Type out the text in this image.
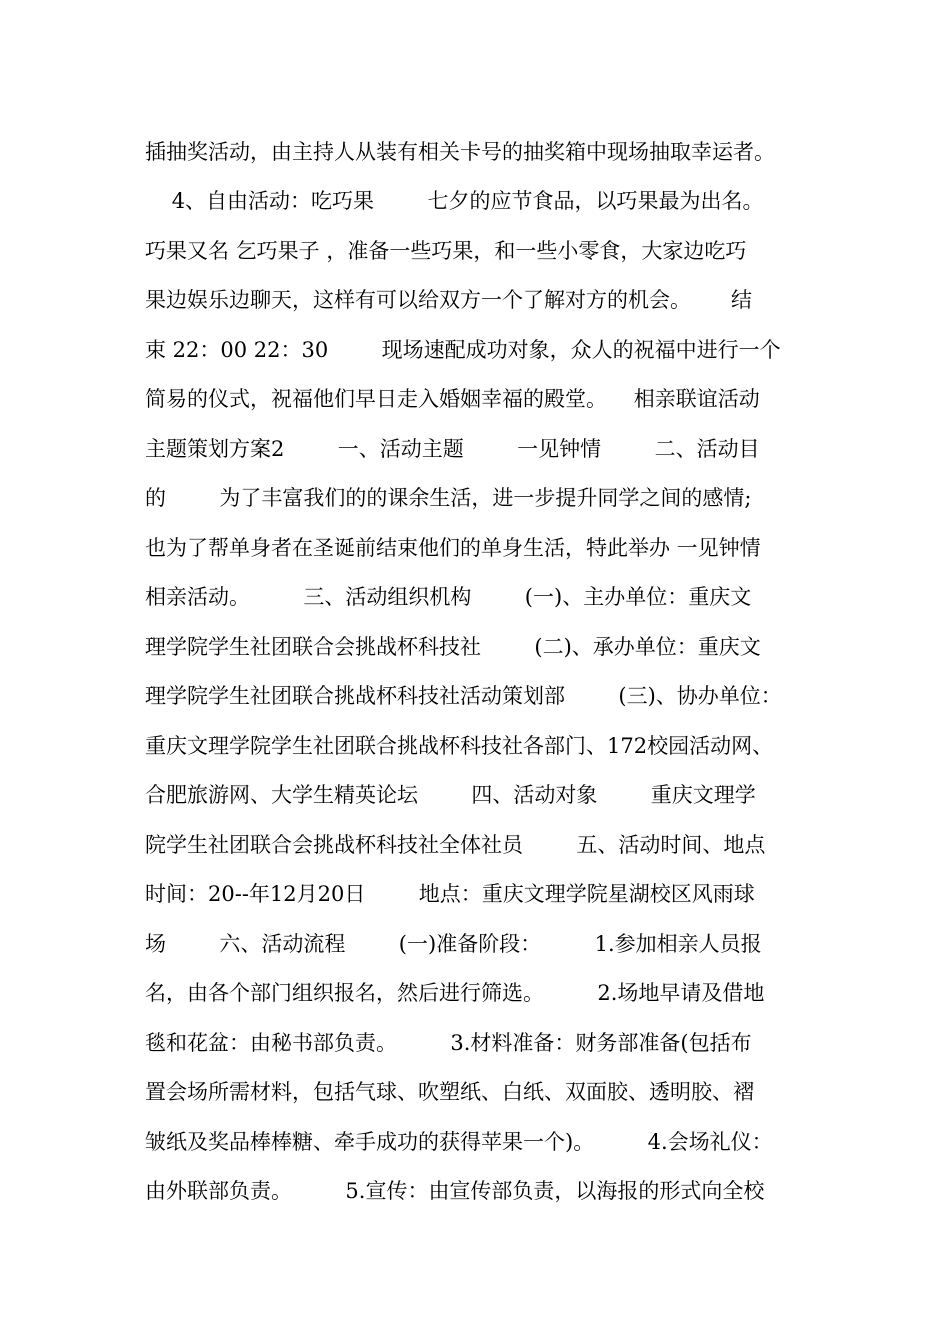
插抽奖活动，由主持人从装有相关卡号的抽奖箱中现场抽取幸运者。
4、自由活动：吃巧果        七夕的应节食品，以巧果最为出名。
巧果又名 乞巧果子 ，准备一些巧果，和一些小零食，大家边吃巧
果边娱乐边聊天，这样有可以给双方一个了解对方的机会。      结
束 22：00 22：30        现场速配成功对象，众人的祝福中进行一个
简易的仪式，祝福他们早日走入婚姻幸福的殿堂。    相亲联谊活动
主题策划方案2        一、活动主题        一见钟情        二、活动目
的        为了丰富我们的的课余生活，进一步提升同学之间的感情;
也为了帮单身者在圣诞前结束他们的单身生活，特此举办 一见钟情
相亲活动。        三、活动组织机构        (一)、主办单位：重庆文
理学院学生社团联合会挑战杯科技社        (二)、承办单位：重庆文
理学院学生社团联合挑战杯科技社活动策划部        (三)、协办单位：
重庆文理学院学生社团联合挑战杯科技社各部门、172校园活动网、
合肥旅游网、大学生精英论坛        四、活动对象        重庆文理学
院学生社团联合会挑战杯科技社全体社员        五、活动时间、地点
时间：20--年12月20日        地点：重庆文理学院星湖校区风雨球
场        六、活动流程        (一)准备阶段：        1.参加相亲人员报
名，由各个部门组织报名，然后进行筛选。        2.场地早请及借地
毯和花盆：由秘书部负责。        3.材料准备：财务部准备(包括布
置会场所需材料，包括气球、吹塑纸、白纸、双面胶、透明胶、褶
皱纸及奖品棒棒糖、牵手成功的获得苹果一个)。        4.会场礼仪：
由外联部负责。        5.宣传：由宣传部负责，以海报的形式向全校
